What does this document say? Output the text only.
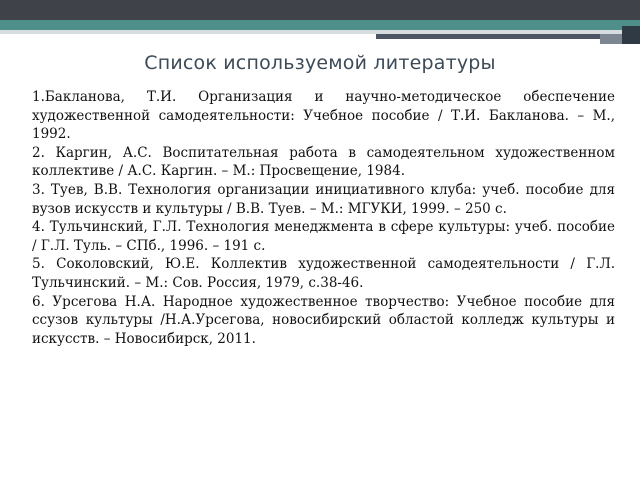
Список используемой литературы

1.Бакланова, Т.И. Организация и научно-методическое обеспечение художественной самодеятельности: Учебное пособие / Т.И. Бакланова. – М., 1992.

2. Каргин, А.С. Воспитательная работа в самодеятельном художественном коллективе / А.С. Каргин. – М.: Просвещение, 1984.

3. Туев, В.В. Технология организации инициативного клуба: учеб. пособие для вузов искусств и культуры / В.В. Туев. – М.: МГУКИ, 1999. – 250 с.

4. Тульчинский, Г.Л. Технология менеджмента в сфере культуры: учеб. пособие / Г.Л. Туль. – СПб., 1996. – 191 с.

5. Соколовский, Ю.Е. Коллектив художественной самодеятельности / Г.Л. Тульчинский. – М.: Сов. Россия, 1979, с.38-46.

6. Урсегова Н.А. Народное художественное творчество: Учебное пособие для ссузов культуры /Н.А.Урсегова, новосибирский областой колледж культуры и искусств. – Новосибирск, 2011.
